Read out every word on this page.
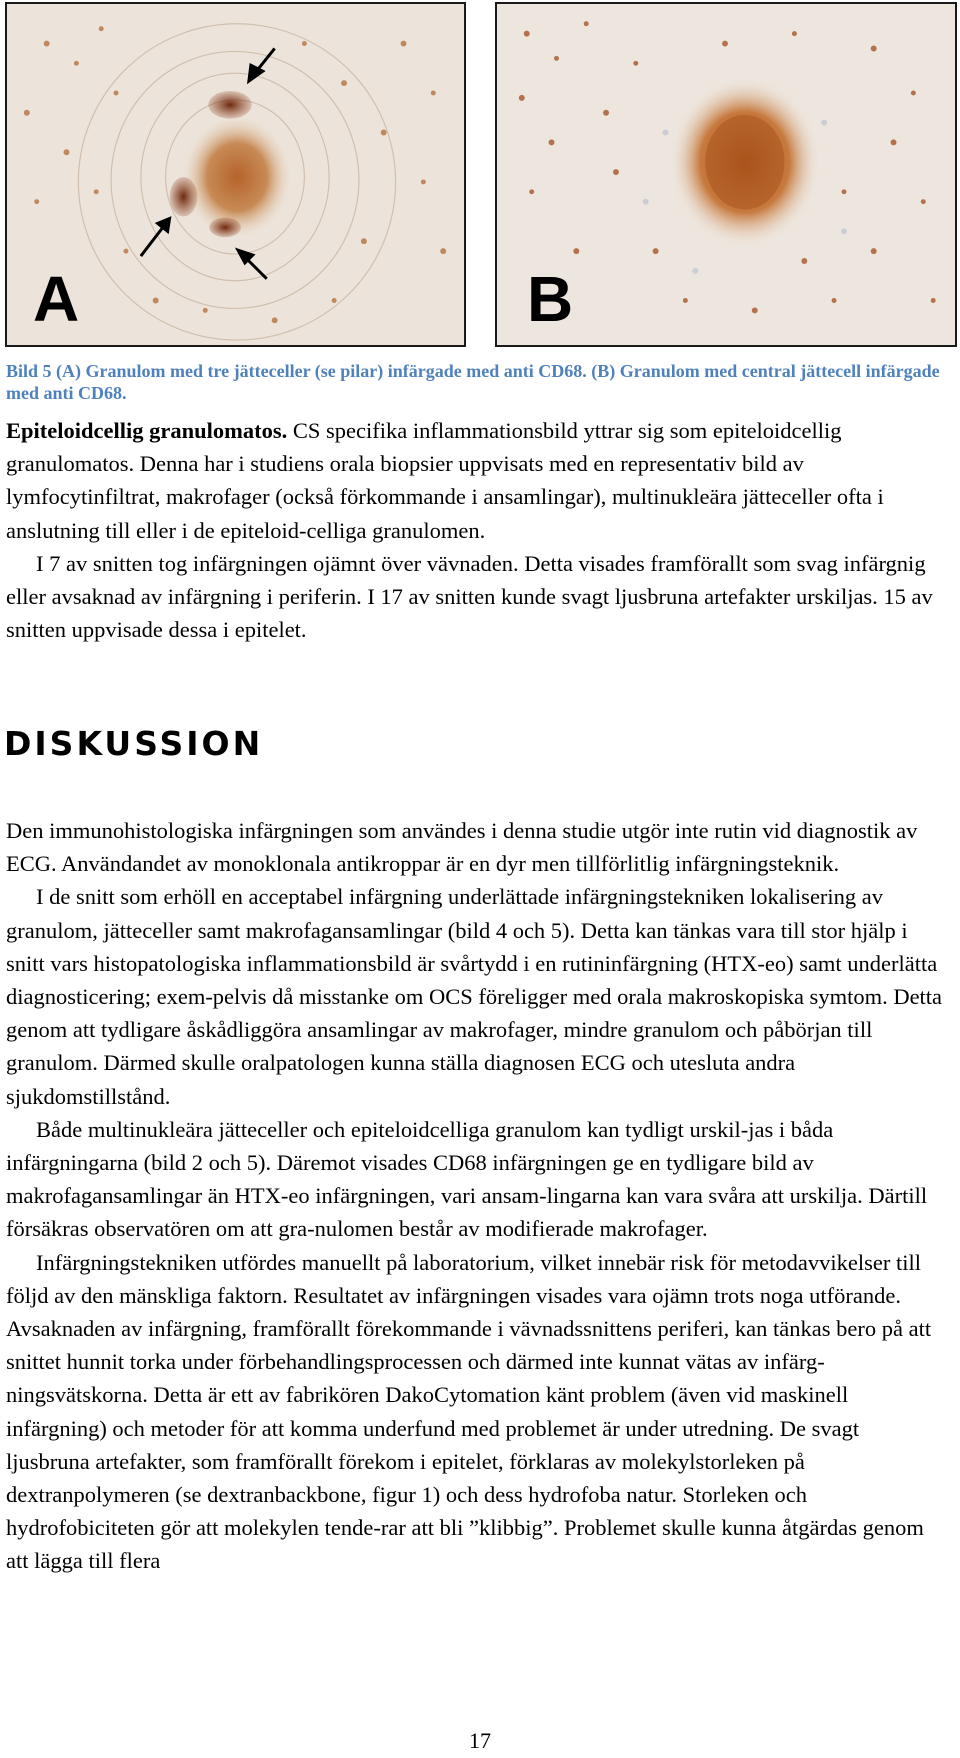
A	B
Bild 5 (A) Granulom med tre jätteceller (se pilar) infärgade med anti CD68. (B) Granulom med central jättecell infärgade med anti CD68.

Epiteloidcellig granulomatos. CS specifika inflammationsbild yttrar sig som epiteloidcellig granulomatos. Denna har i studiens orala biopsier uppvisats med en representativ bild av lymfocytinfiltrat, makrofager (också förkommande i ansamlingar), multinukleära jätteceller ofta i anslutning till eller i de epiteloid-celliga granulomen.

I 7 av snitten tog infärgningen ojämnt över vävnaden. Detta visades framförallt som svag infärgnig eller avsaknad av infärgning i periferin. I 17 av snitten kunde svagt ljusbruna artefakter urskiljas. 15 av snitten uppvisade dessa i epitelet.

DISKUSSION

Den immunohistologiska infärgningen som användes i denna studie utgör inte rutin vid diagnostik av ECG. Användandet av monoklonala antikroppar är en dyr men tillförlitlig infärgningsteknik.

I de snitt som erhöll en acceptabel infärgning underlättade infärgningstekniken lokalisering av granulom, jätteceller samt makrofagansamlingar (bild 4 och 5). Detta kan tänkas vara till stor hjälp i snitt vars histopatologiska inflammationsbild är svårtydd i en rutininfärgning (HTX-eo) samt underlätta diagnosticering; exem-pelvis då misstanke om OCS föreligger med orala makroskopiska symtom. Detta genom att tydligare åskådliggöra ansamlingar av makrofager, mindre granulom och påbörjan till granulom. Därmed skulle oralpatologen kunna ställa diagnosen ECG och utesluta andra sjukdomstillstånd.

Både multinukleära jätteceller och epiteloidcelliga granulom kan tydligt urskil-jas i båda infärgningarna (bild 2 och 5). Däremot visades CD68 infärgningen ge en tydligare bild av makrofagansamlingar än HTX-eo infärgningen, vari ansam-lingarna kan vara svåra att urskilja. Därtill försäkras observatören om att gra-nulomen består av modifierade makrofager.

Infärgningstekniken utfördes manuellt på laboratorium, vilket innebär risk för metodavvikelser till följd av den mänskliga faktorn. Resultatet av infärgningen visades vara ojämn trots noga utförande. Avsaknaden av infärgning, framförallt förekommande i vävnadssnittens periferi, kan tänkas bero på att snittet hunnit torka under förbehandlingsprocessen och därmed inte kunnat vätas av infärg-ningsvätskorna. Detta är ett av fabrikören DakoCytomation känt problem (även vid maskinell infärgning) och metoder för att komma underfund med problemet är under utredning. De svagt ljusbruna artefakter, som framförallt förekom i epitelet, förklaras av molekylstorleken på dextranpolymeren (se dextranbackbone, figur 1) och dess hydrofoba natur. Storleken och hydrofobiciteten gör att molekylen tende-rar att bli ”klibbig”. Problemet skulle kunna åtgärdas genom att lägga till flera

17
